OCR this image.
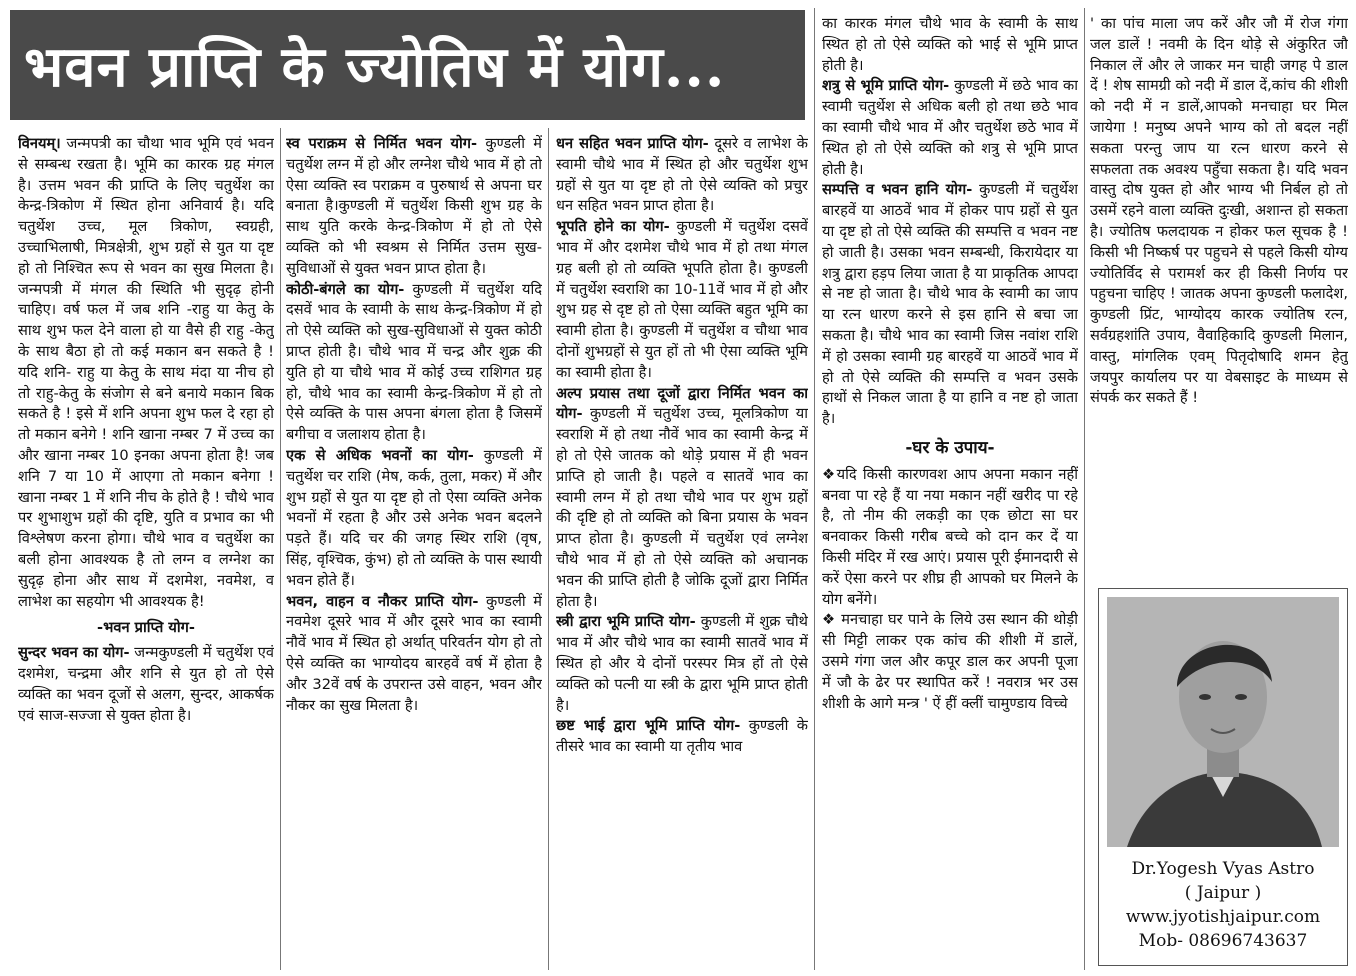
भवन प्राप्ति के ज्योतिष में योग...

विनयम्। जन्मपत्री का चौथा भाव भूमि एवं भवन से सम्बन्ध रखता है। भूमि का कारक ग्रह मंगल है। उत्तम भवन की प्राप्ति के लिए चतुर्थेश का केन्द्र-त्रिकोण में स्थित होना अनिवार्य है। यदि चतुर्थेश उच्च, मूल त्रिकोण, स्वग्रही, उच्चाभिलाषी, मित्रक्षेत्री, शुभ ग्रहों से युत या दृष्ट हो तो निश्चित रूप से भवन का सुख मिलता है। जन्मपत्री में मंगल की स्थिति भी सुदृढ़ होनी चाहिए। वर्ष फल में जब शनि -राहु या केतु के साथ शुभ फल देने वाला हो या वैसे ही राहु -केतु के साथ बैठा हो तो कई मकान बन सकते है ! यदि शनि- राहु या केतु के साथ मंदा या नीच हो तो राहु-केतु के संजोग से बने बनाये मकान बिक सकते है ! इसे में शनि अपना शुभ फल दे रहा हो तो मकान बनेगे ! शनि खाना नम्बर 7 में उच्च का और खाना नम्बर 10 इनका अपना होता है! जब शनि 7 या 10 में आएगा तो मकान बनेगा ! खाना नम्बर 1 में शनि नीच के होते है ! चौथे भाव पर शुभाशुभ ग्रहों की दृष्टि, युति व प्रभाव का भी विश्लेषण करना होगा। चौथे भाव व चतुर्थेश का बली होना आवश्यक है तो लग्न व लग्नेश का सुदृढ़ होना और साथ में दशमेश, नवमेश, व लाभेश का सहयोग भी आवश्यक है!

-भवन प्राप्ति योग-

सुन्दर भवन का योग- जन्मकुण्डली में चतुर्थेश एवं दशमेश, चन्द्रमा और शनि से युत हो तो ऐसे व्यक्ति का भवन दूजों से अलग, सुन्दर, आकर्षक एवं साज-सज्जा से युक्त होता है।

स्व पराक्रम से निर्मित भवन योग- कुण्डली में चतुर्थेश लग्न में हो और लग्नेश चौथे भाव में हो तो ऐसा व्यक्ति स्व पराक्रम व पुरुषार्थ से अपना घर बनाता है।कुण्डली में चतुर्थेश किसी शुभ ग्रह के साथ युति करके केन्द्र-त्रिकोण में हो तो ऐसे व्यक्ति को भी स्वश्रम से निर्मित उत्तम सुख-सुविधाओं से युक्त भवन प्राप्त होता है।

कोठी-बंगले का योग- कुण्डली में चतुर्थेश यदि दसवें भाव के स्वामी के साथ केन्द्र-त्रिकोण में हो तो ऐसे व्यक्ति को सुख-सुविधाओं से युक्त कोठी प्राप्त होती है। चौथे भाव में चन्द्र और शुक्र की युति हो या चौथे भाव में कोई उच्च राशिगत ग्रह हो, चौथे भाव का स्वामी केन्द्र-त्रिकोण में हो तो ऐसे व्यक्ति के पास अपना बंगला होता है जिसमें बगीचा व जलाशय होता है।

एक से अधिक भवनों का योग- कुण्डली में चतुर्थेश चर राशि (मेष, कर्क, तुला, मकर) में और शुभ ग्रहों से युत या दृष्ट हो तो ऐसा व्यक्ति अनेक भवनों में रहता है और उसे अनेक भवन बदलने पड़ते हैं। यदि चर की जगह स्थिर राशि (वृष, सिंह, वृश्चिक, कुंभ) हो तो व्यक्ति के पास स्थायी भवन होते हैं।

भवन, वाहन व नौकर प्राप्ति योग- कुण्डली में नवमेश दूसरे भाव में और दूसरे भाव का स्वामी नौवें भाव में स्थित हो अर्थात् परिवर्तन योग हो तो ऐसे व्यक्ति का भाग्योदय बारहवें वर्ष में होता है और 32वें वर्ष के उपरान्त उसे वाहन, भवन और नौकर का सुख मिलता है।

धन सहित भवन प्राप्ति योग- दूसरे व लाभेश के स्वामी चौथे भाव में स्थित हो और चतुर्थेश शुभ ग्रहों से युत या दृष्ट हो तो ऐसे व्यक्ति को प्रचुर धन सहित भवन प्राप्त होता है।

भूपति होने का योग- कुण्डली में चतुर्थेश दसवें भाव में और दशमेश चौथे भाव में हो तथा मंगल ग्रह बली हो तो व्यक्ति भूपति होता है। कुण्डली में चतुर्थेश स्वराशि का 10-11वें भाव में हो और शुभ ग्रह से दृष्ट हो तो ऐसा व्यक्ति बहुत भूमि का स्वामी होता है। कुण्डली में चतुर्थेश व चौथा भाव दोनों शुभग्रहों से युत हों तो भी ऐसा व्यक्ति भूमि का स्वामी होता है।

अल्प प्रयास तथा दूजों द्वारा निर्मित भवन का योग- कुण्डली में चतुर्थेश उच्च, मूलत्रिकोण या स्वराशि में हो तथा नौवें भाव का स्वामी केन्द्र में हो तो ऐसे जातक को थोड़े प्रयास में ही भवन प्राप्ति हो जाती है। पहले व सातवें भाव का स्वामी लग्न में हो तथा चौथे भाव पर शुभ ग्रहों की दृष्टि हो तो व्यक्ति को बिना प्रयास के भवन प्राप्त होता है। कुण्डली में चतुर्थेश एवं लग्नेश चौथे भाव में हो तो ऐसे व्यक्ति को अचानक भवन की प्राप्ति होती है जोकि दूजों द्वारा निर्मित होता है।

स्त्री द्वारा भूमि प्राप्ति योग- कुण्डली में शुक्र चौथे भाव में और चौथे भाव का स्वामी सातवें भाव में स्थित हो और ये दोनों परस्पर मित्र हों तो ऐसे व्यक्ति को पत्नी या स्त्री के द्वारा भूमि प्राप्त होती है।

छष्ट भाई द्वारा भूमि प्राप्ति योग- कुण्डली के तीसरे भाव का स्वामी या तृतीय भाव

का कारक मंगल चौथे भाव के स्वामी के साथ स्थित हो तो ऐसे व्यक्ति को भाई से भूमि प्राप्त होती है।

शत्रु से भूमि प्राप्ति योग- कुण्डली में छठे भाव का स्वामी चतुर्थेश से अधिक बली हो तथा छठे भाव का स्वामी चौथे भाव में और चतुर्थेश छठे भाव में स्थित हो तो ऐसे व्यक्ति को शत्रु से भूमि प्राप्त होती है।

सम्पत्ति व भवन हानि योग- कुण्डली में चतुर्थेश बारहवें या आठवें भाव में होकर पाप ग्रहों से युत या दृष्ट हो तो ऐसे व्यक्ति की सम्पत्ति व भवन नष्ट हो जाती है। उसका भवन सम्बन्धी, किरायेदार या शत्रु द्वारा हड़प लिया जाता है या प्राकृतिक आपदा से नष्ट हो जाता है। चौथे भाव के स्वामी का जाप या रत्न धारण करने से इस हानि से बचा जा सकता है। चौथे भाव का स्वामी जिस नवांश राशि में हो उसका स्वामी ग्रह बारहवें या आठवें भाव में हो तो ऐसे व्यक्ति की सम्पत्ति व भवन उसके हाथों से निकल जाता है या हानि व नष्ट हो जाता है।

-घर के उपाय-

❖यदि किसी कारणवश आप अपना मकान नहीं बनवा पा रहे हैं या नया मकान नहीं खरीद पा रहे है, तो नीम की लकड़ी का एक छोटा सा घर बनवाकर किसी गरीब बच्चे को दान कर दें या किसी मंदिर में रख आएं। प्रयास पूरी ईमानदारी से करें ऐसा करने पर शीघ्र ही आपको घर मिलने के योग बनेंगे।

❖ मनचाहा घर पाने के लिये उस स्थान की थोड़ी सी मिट्टी लाकर एक कांच की शीशी में डालें, उसमे गंगा जल और कपूर डाल कर अपनी पूजा में जौ के ढेर पर स्थापित करें ! नवरात्र भर उस शीशी के आगे मन्त्र ' ऐं हीं क्लीं चामुण्डाय विच्चे

' का पांच माला जप करें और जौ में रोज गंगा जल डालें ! नवमी के दिन थोड़े से अंकुरित जौ निकाल लें और ले जाकर मन चाही जगह पे डाल दें ! शेष सामग्री को नदी में डाल दें,कांच की शीशी को नदी में न डालें,आपको मनचाहा घर मिल जायेगा ! मनुष्य अपने भाग्य को तो बदल नहीं सकता परन्तु जाप या रत्न धारण करने से सफलता तक अवश्य पहुँचा सकता है। यदि भवन वास्तु दोष युक्त हो और भाग्य भी निर्बल हो तो उसमें रहने वाला व्यक्ति दुःखी, अशान्त हो सकता है। ज्योतिष फलदायक न होकर फल सूचक है ! किसी भी निष्कर्ष पर पहुचने से पहले किसी योग्य ज्योतिर्विद से परामर्श कर ही किसी निर्णय पर पहुचना चाहिए ! जातक अपना कुण्डली फलादेश, कुण्डली प्रिंट, भाग्योदय कारक ज्योतिष रत्न, सर्वग्रहशांति उपाय, वैवाहिकादि कुण्डली मिलान, वास्तु, मांगलिक एवम् पितृदोषादि शमन हेतु जयपुर कार्यालय पर या वेबसाइट के माध्यम से संपर्क कर सकते हैं !

Dr.Yogesh Vyas Astro
( Jaipur )
www.jyotishjaipur.com
Mob- 08696743637
